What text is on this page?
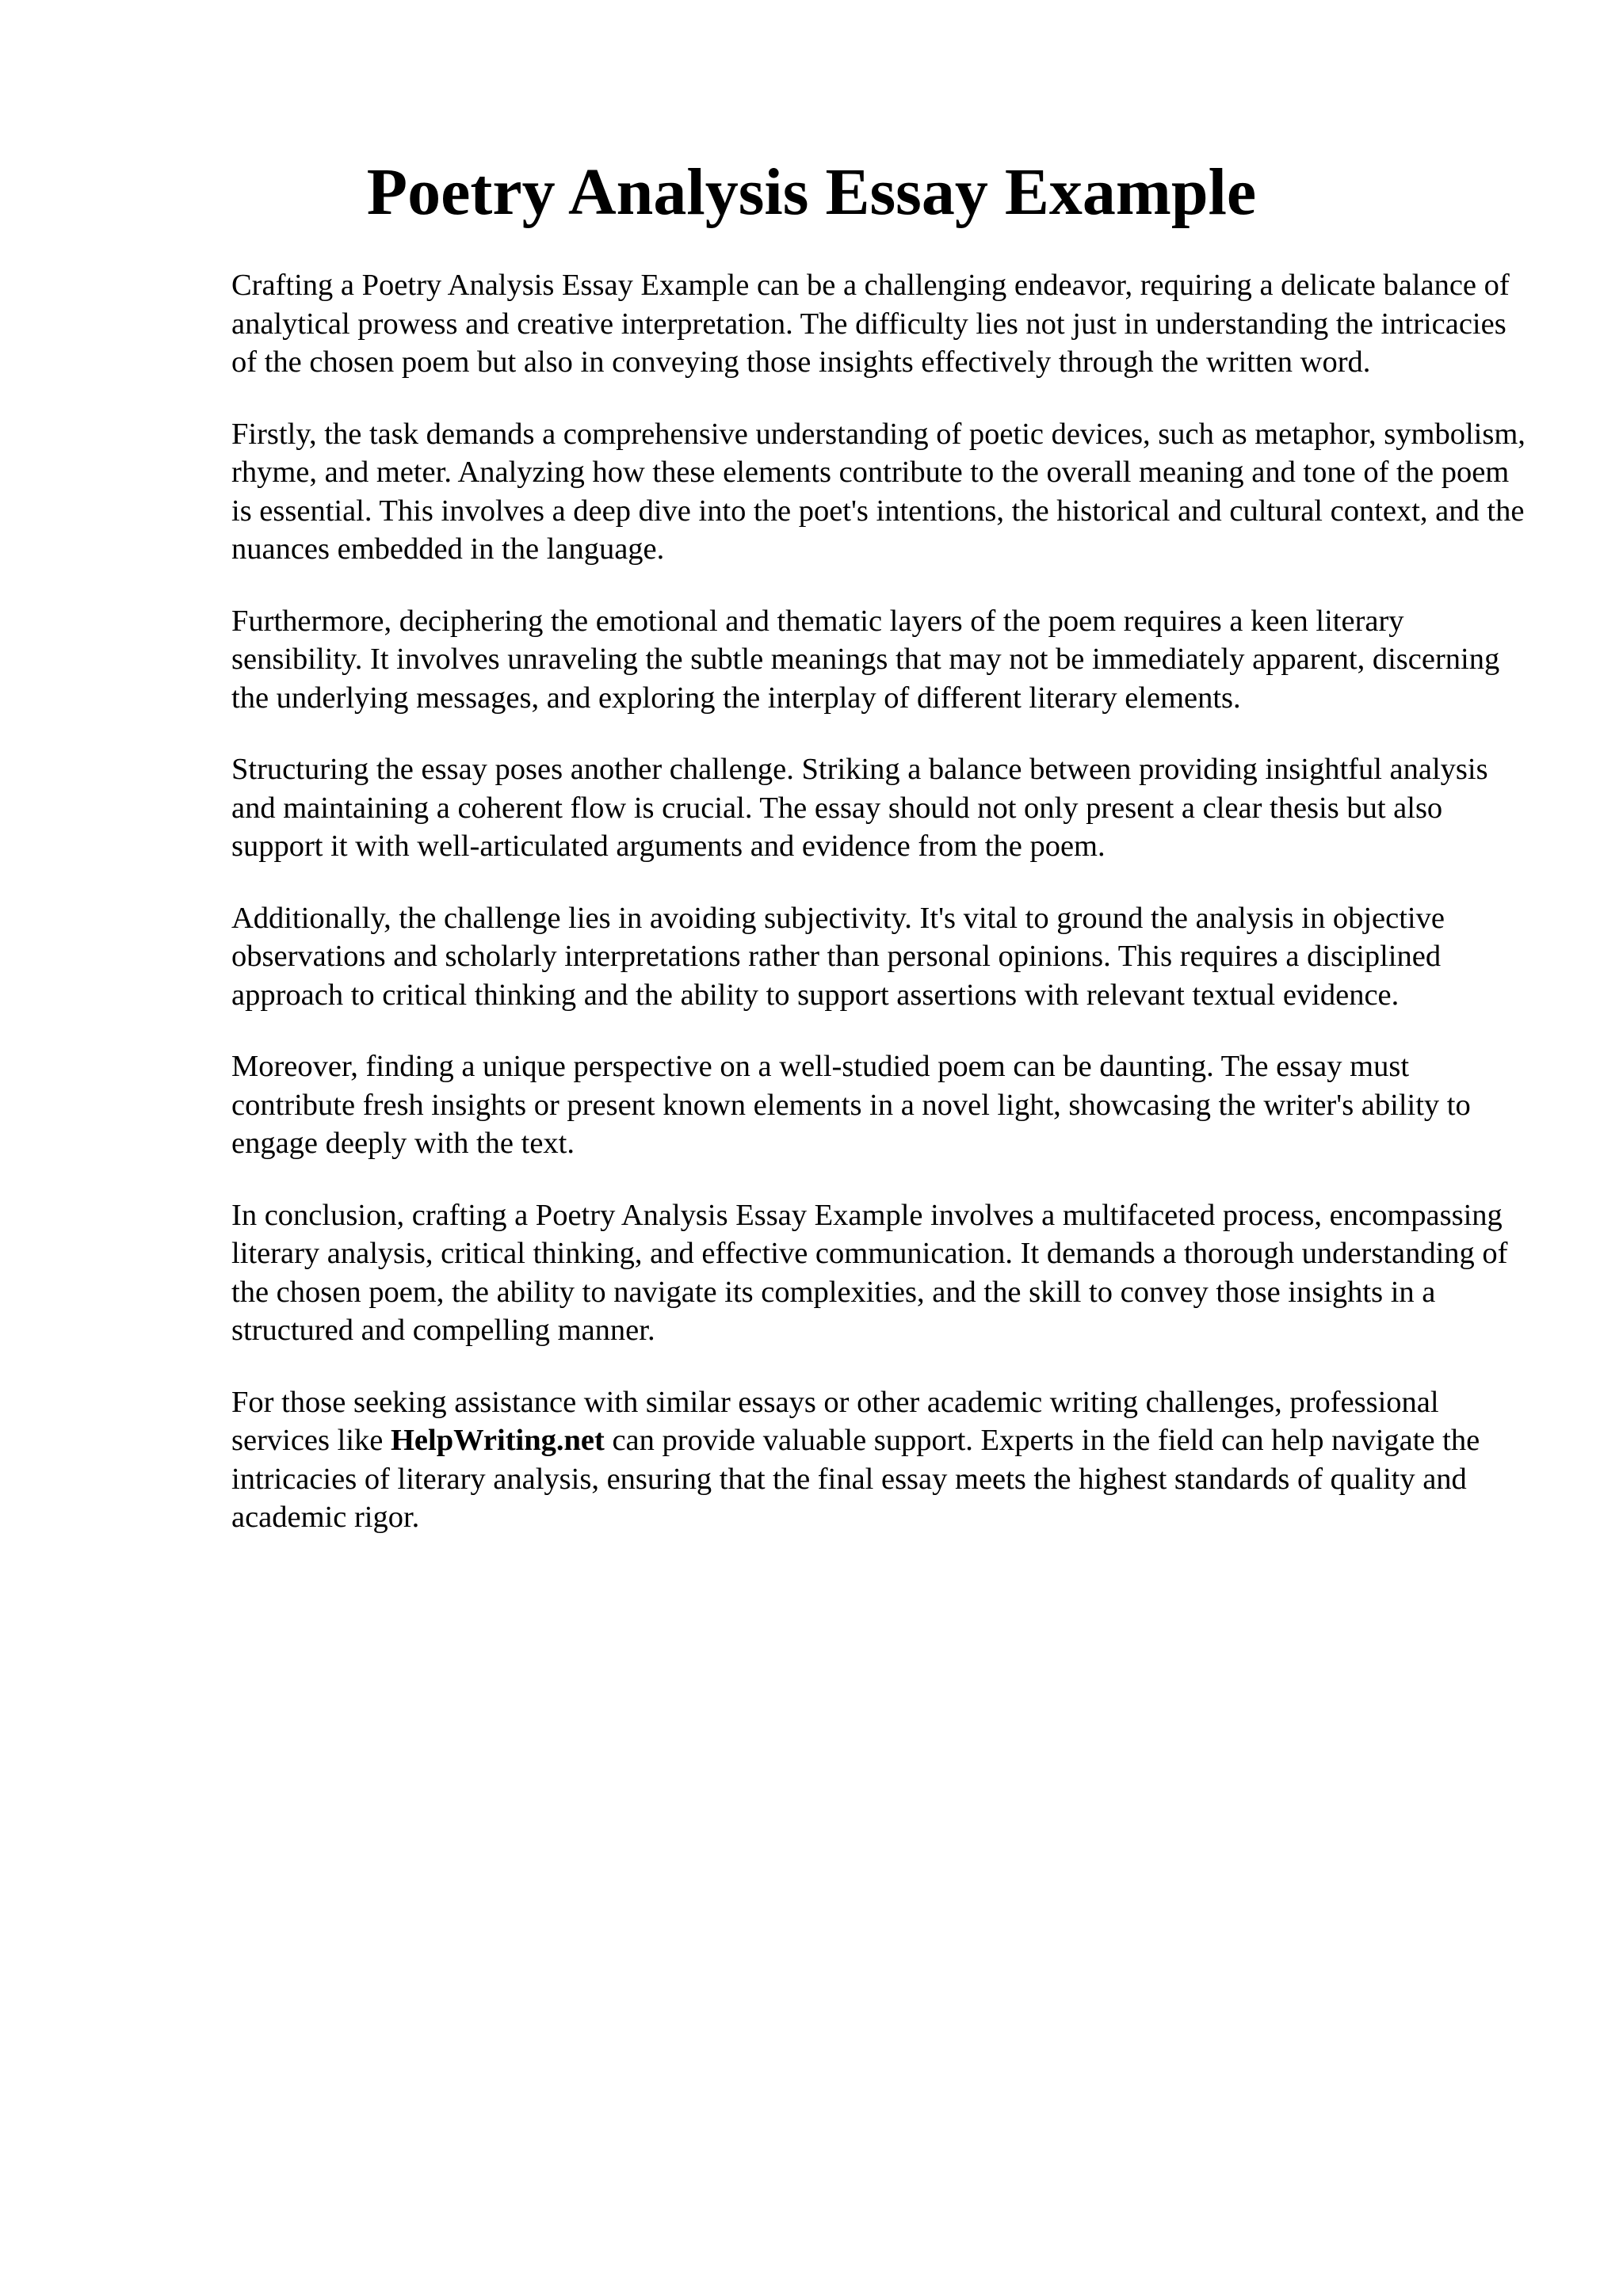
Poetry Analysis Essay Example

Crafting a Poetry Analysis Essay Example can be a challenging endeavor, requiring a delicate balance of analytical prowess and creative interpretation. The difficulty lies not just in understanding the intricacies of the chosen poem but also in conveying those insights effectively through the written word.

Firstly, the task demands a comprehensive understanding of poetic devices, such as metaphor, symbolism, rhyme, and meter. Analyzing how these elements contribute to the overall meaning and tone of the poem is essential. This involves a deep dive into the poet's intentions, the historical and cultural context, and the nuances embedded in the language.

Furthermore, deciphering the emotional and thematic layers of the poem requires a keen literary sensibility. It involves unraveling the subtle meanings that may not be immediately apparent, discerning the underlying messages, and exploring the interplay of different literary elements.

Structuring the essay poses another challenge. Striking a balance between providing insightful analysis and maintaining a coherent flow is crucial. The essay should not only present a clear thesis but also support it with well-articulated arguments and evidence from the poem.

Additionally, the challenge lies in avoiding subjectivity. It's vital to ground the analysis in objective observations and scholarly interpretations rather than personal opinions. This requires a disciplined approach to critical thinking and the ability to support assertions with relevant textual evidence.

Moreover, finding a unique perspective on a well-studied poem can be daunting. The essay must contribute fresh insights or present known elements in a novel light, showcasing the writer's ability to engage deeply with the text.

In conclusion, crafting a Poetry Analysis Essay Example involves a multifaceted process, encompassing literary analysis, critical thinking, and effective communication. It demands a thorough understanding of the chosen poem, the ability to navigate its complexities, and the skill to convey those insights in a structured and compelling manner.

For those seeking assistance with similar essays or other academic writing challenges, professional services like HelpWriting.net can provide valuable support. Experts in the field can help navigate the intricacies of literary analysis, ensuring that the final essay meets the highest standards of quality and academic rigor.
